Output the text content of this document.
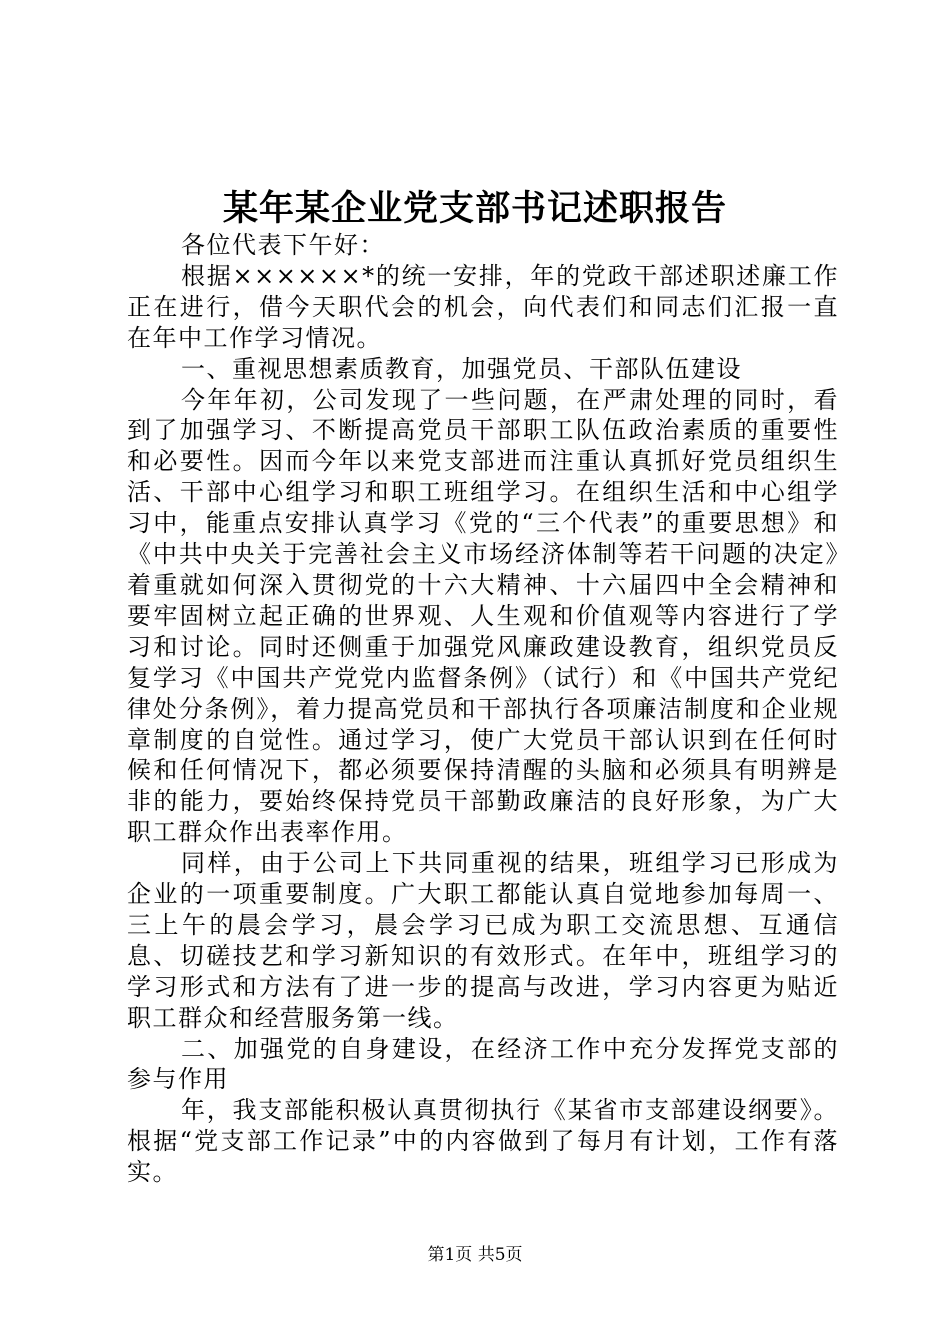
某年某企业党支部书记述职报告

各位代表下午好：

根据××××××*的统一安排，年的党政干部述职述廉工作正在进行，借今天职代会的机会，向代表们和同志们汇报一直在年中工作学习情况。

一、重视思想素质教育，加强党员、干部队伍建设

今年年初，公司发现了一些问题，在严肃处理的同时，看到了加强学习、不断提高党员干部职工队伍政治素质的重要性和必要性。因而今年以来党支部进而注重认真抓好党员组织生活、干部中心组学习和职工班组学习。在组织生活和中心组学习中，能重点安排认真学习《党的“三个代表”的重要思想》和《中共中央关于完善社会主义市场经济体制等若干问题的决定》着重就如何深入贯彻党的十六大精神、十六届四中全会精神和要牢固树立起正确的世界观、人生观和价值观等内容进行了学习和讨论。同时还侧重于加强党风廉政建设教育，组织党员反复学习《中国共产党党内监督条例》（试行）和《中国共产党纪律处分条例》，着力提高党员和干部执行各项廉洁制度和企业规章制度的自觉性。通过学习，使广大党员干部认识到在任何时候和任何情况下，都必须要保持清醒的头脑和必须具有明辨是非的能力，要始终保持党员干部勤政廉洁的良好形象，为广大职工群众作出表率作用。

同样，由于公司上下共同重视的结果，班组学习已形成为企业的一项重要制度。广大职工都能认真自觉地参加每周一、三上午的晨会学习，晨会学习已成为职工交流思想、互通信息、切磋技艺和学习新知识的有效形式。在年中，班组学习的学习形式和方法有了进一步的提高与改进，学习内容更为贴近职工群众和经营服务第一线。

二、加强党的自身建设，在经济工作中充分发挥党支部的参与作用

年，我支部能积极认真贯彻执行《某省市支部建设纲要》。根据“党支部工作记录”中的内容做到了每月有计划，工作有落实。

第1页 共5页
